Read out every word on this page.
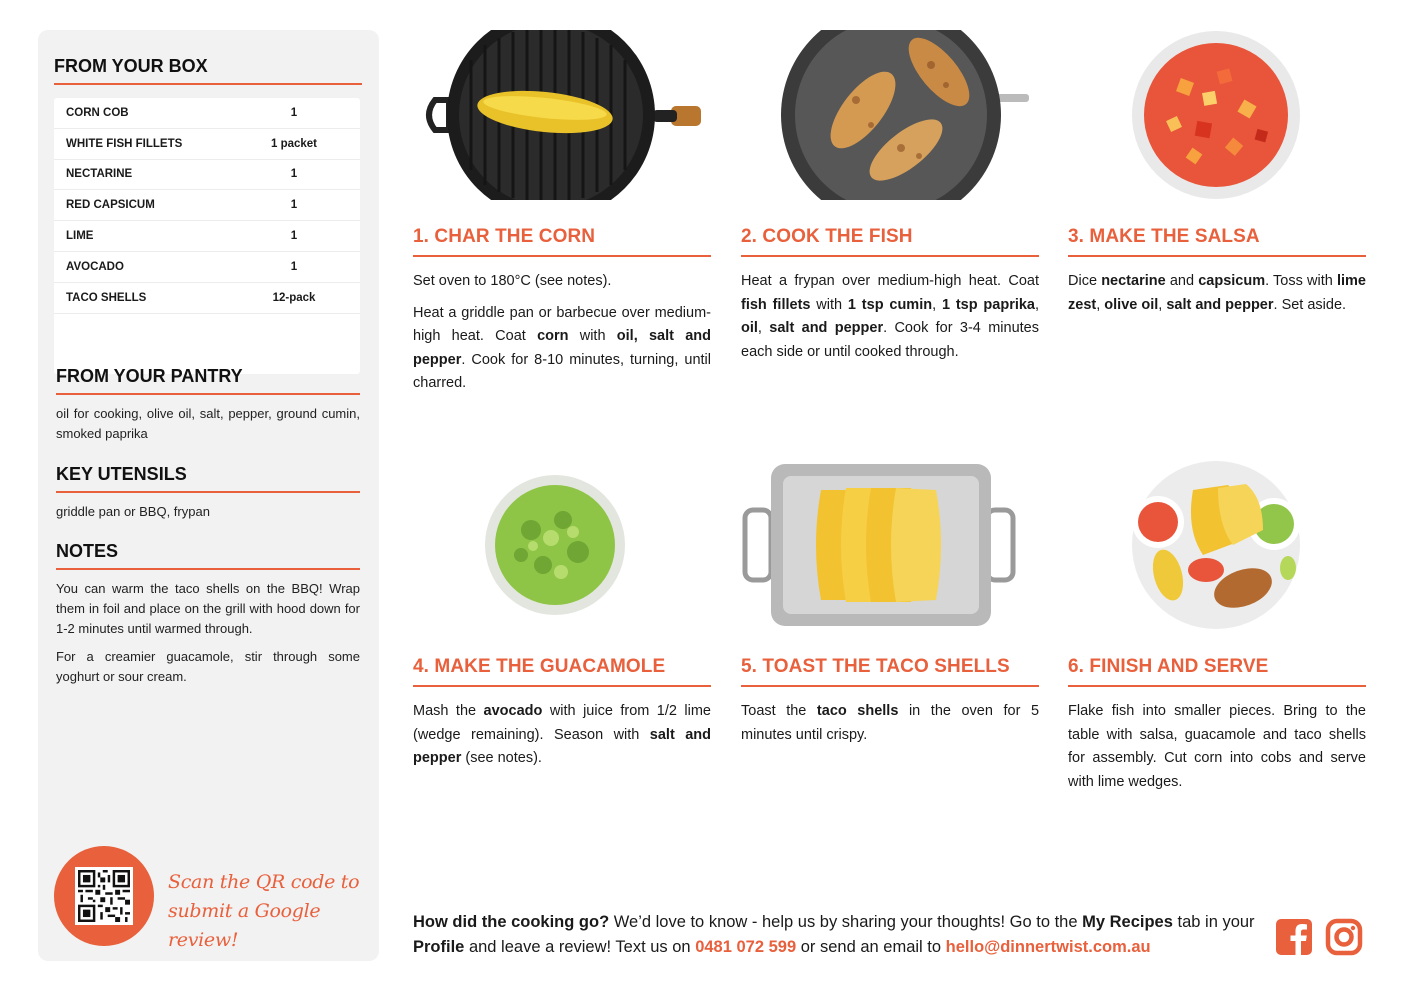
FROM YOUR BOX
CORN COB	1
WHITE FISH FILLETS	1 packet
NECTARINE	1
RED CAPSICUM	1
LIME	1
AVOCADO	1
TACO SHELLS	12-pack
FROM YOUR PANTRY
oil for cooking, olive oil, salt, pepper, ground cumin, smoked paprika
KEY UTENSILS
griddle pan or BBQ, frypan
NOTES

You can warm the taco shells on the BBQ! Wrap them in foil and place on the grill with hood down for 1-2 minutes until warmed through.

For a creamier guacamole, stir through some yoghurt or sour cream.

Scan the QR code to
submit a Google review!
1. CHAR THE CORN

Set oven to 180°C (see notes).

Heat a griddle pan or barbecue over medium-high heat. Coat corn with oil, salt and pepper. Cook for 8-10 minutes, turning, until charred.

2. COOK THE FISH

Heat a frypan over medium-high heat. Coat fish fillets with 1 tsp cumin, 1 tsp paprika, oil, salt and pepper. Cook for 3-4 minutes each side or until cooked through.

3. MAKE THE SALSA

Dice nectarine and capsicum. Toss with lime zest, olive oil, salt and pepper. Set aside.

4. MAKE THE GUACAMOLE

Mash the avocado with juice from 1/2 lime (wedge remaining). Season with salt and pepper (see notes).

5. TOAST THE TACO SHELLS

Toast the taco shells in the oven for 5 minutes until crispy.

6. FINISH AND SERVE

Flake fish into smaller pieces. Bring to the table with salsa, guacamole and taco shells for assembly. Cut corn into cobs and serve with lime wedges.

How did the cooking go? We’d love to know - help us by sharing your thoughts! Go to the My Recipes tab in your Profile and leave a review! Text us on 0481 072 599 or send an email to hello@dinnertwist.com.au
